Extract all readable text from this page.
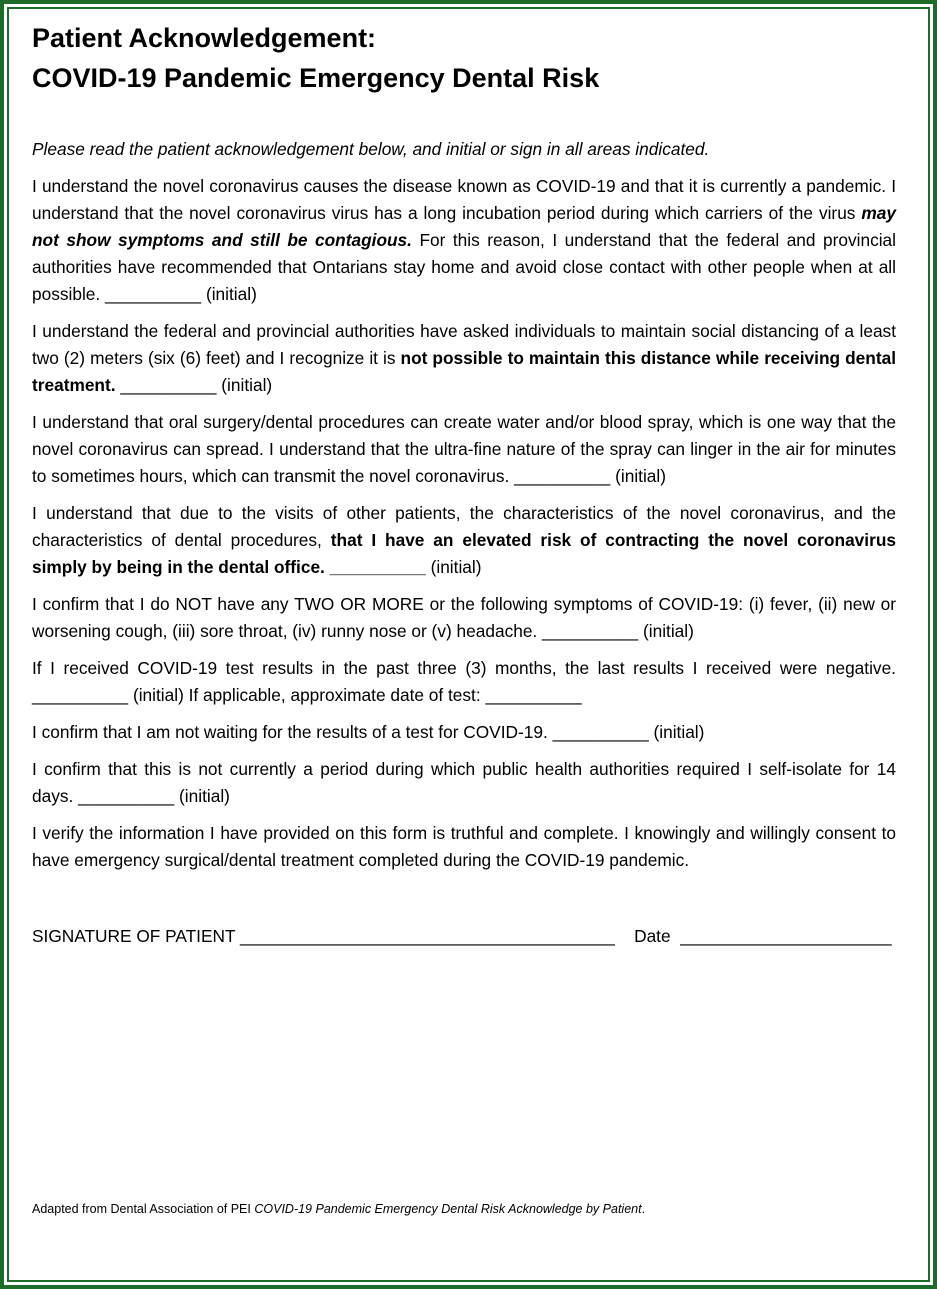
Patient Acknowledgement:
COVID-19 Pandemic Emergency Dental Risk

Please read the patient acknowledgement below, and initial or sign in all areas indicated.

I understand the novel coronavirus causes the disease known as COVID-19 and that it is currently a pandemic. I understand that the novel coronavirus virus has a long incubation period during which carriers of the virus may not show symptoms and still be contagious. For this reason, I understand that the federal and provincial authorities have recommended that Ontarians stay home and avoid close contact with other people when at all possible. __________ (initial)

I understand the federal and provincial authorities have asked individuals to maintain social distancing of a least two (2) meters (six (6) feet) and I recognize it is not possible to maintain this distance while receiving dental treatment. __________ (initial)

I understand that oral surgery/dental procedures can create water and/or blood spray, which is one way that the novel coronavirus can spread. I understand that the ultra-fine nature of the spray can linger in the air for minutes to sometimes hours, which can transmit the novel coronavirus. __________ (initial)

I understand that due to the visits of other patients, the characteristics of the novel coronavirus, and the characteristics of dental procedures, that I have an elevated risk of contracting the novel coronavirus simply by being in the dental office. __________ (initial)

I confirm that I do NOT have any TWO OR MORE or the following symptoms of COVID-19: (i) fever, (ii) new or worsening cough, (iii) sore throat, (iv) runny nose or (v) headache. __________ (initial)

If I received COVID-19 test results in the past three (3) months, the last results I received were negative. __________ (initial) If applicable, approximate date of test: __________

I confirm that I am not waiting for the results of a test for COVID-19. __________ (initial)

I confirm that this is not currently a period during which public health authorities required I self-isolate for 14 days. __________ (initial)

I verify the information I have provided on this form is truthful and complete. I knowingly and willingly consent to have emergency surgical/dental treatment completed during the COVID-19 pandemic.

SIGNATURE OF PATIENT _______________________________________ Date  ______________________
Adapted from Dental Association of PEI COVID-19 Pandemic Emergency Dental Risk Acknowledge by Patient.
